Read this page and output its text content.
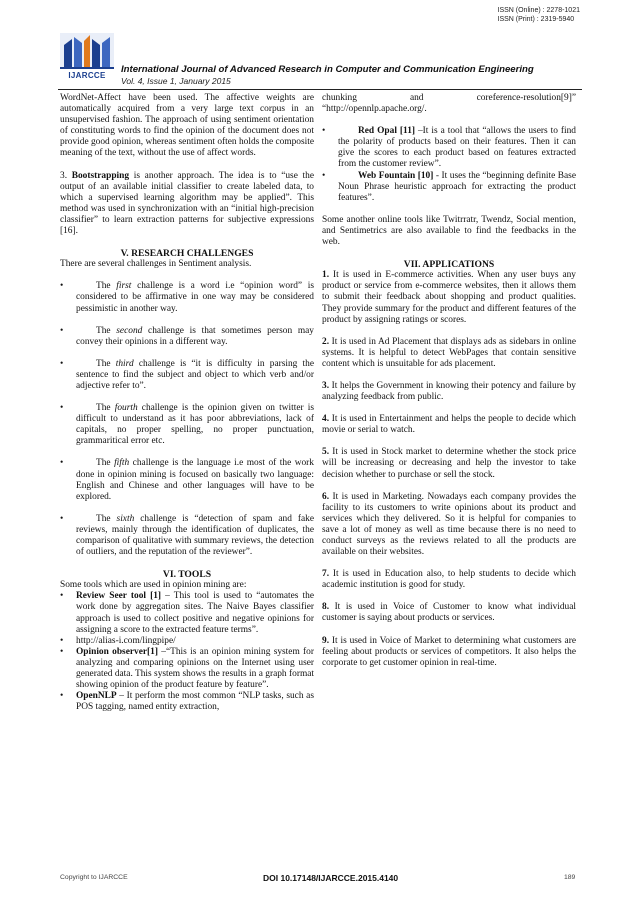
ISSN (Online) : 2278-1021
ISSN (Print) : 2319-5940
IJARCCE
International Journal of Advanced Research in Computer and Communication Engineering
Vol. 4, Issue 1, January 2015

WordNet-Affect have been used. The affective weights are automatically acquired from a very large text corpus in an unsupervised fashion. The approach of using sentiment orientation of constituting words to find the opinion of the document does not provide good opinion, whereas sentiment often holds the composite meaning of the text, without the use of affect words.

3. Bootstrapping is another approach. The idea is to “use the output of an available initial classifier to create labeled data, to which a supervised learning algorithm may be applied”. This method was used in synchronization with an “initial high-precision classifier” to learn extraction patterns for subjective expressions [16].

V. RESEARCH CHALLENGES

There are several challenges in Sentiment analysis.

•	The first challenge is a word i.e “opinion word” is considered to be affirmative in one way may be considered pessimistic in another way.
•	The second challenge is that sometimes person may convey their opinions in a different way.
•	The third challenge is “it is difficulty in parsing the sentence to find the subject and object to which verb and/or adjective refer to”.
•	The fourth challenge is the opinion given on twitter is difficult to understand as it has poor abbreviations, lack of capitals, no proper spelling, no proper punctuation, grammaritical error etc.
•	The fifth challenge is the language i.e most of the work done in opinion mining is focused on basically two language: English and Chinese and other languages will have to be explored.
•	The sixth challenge is “detection of spam and fake reviews, mainly through the identification of duplicates, the comparison of qualitative with summary reviews, the detection of outliers, and the reputation of the reviewer”.
VI. TOOLS

Some tools which are used in opinion mining are:

•	Review Seer tool [1] – This tool is used to “automates the work done by aggregation sites. The Naive Bayes classifier approach is used to collect positive and negative opinions for assigning a score to the extracted feature terms”.
•	http://alias-i.com/lingpipe/
•	Opinion observer[1] –“This is an opinion mining system for analyzing and comparing opinions on the Internet using user generated data. This system shows the results in a graph format showing opinion of the product feature by feature”.
•	OpenNLP – It perform the most common “NLP tasks, such as POS tagging, named entity extraction,

chunking and coreference-resolution[9]”

“http://opennlp.apache.org/.

•	Red Opal [11] –It is a tool that “allows the users to find the polarity of products based on their features. Then it can give the scores to each product based on features extracted from the customer review”.
•	Web Fountain [10] - It uses the “beginning definite Base Noun Phrase heuristic approach for extracting the product features”.

Some another online tools like Twitrratr, Twendz, Social mention, and Sentimetrics are also available to find the feedbacks in the web.

VII. APPLICATIONS

1. It is used in E-commerce activities. When any user buys any product or service from e-commerce websites, then it allows them to submit their feedback about shopping and product qualities. They provide summary for the product and different features of the product by assigning ratings or scores.

2. It is used in Ad Placement that displays ads as sidebars in online systems. It is helpful to detect WebPages that contain sensitive content which is unsuitable for ads placement.

3. It helps the Government in knowing their potency and failure by analyzing feedback from public.

4. It is used in Entertainment and helps the people to decide which movie or serial to watch.

5. It is used in Stock market to determine whether the stock price will be increasing or decreasing and help the investor to take decision whether to purchase or sell the stock.

6. It is used in Marketing. Nowadays each company provides the facility to its customers to write opinions about its product and services which they delivered. So it is helpful for companies to save a lot of money as well as time because there is no need to conduct surveys as the reviews related to all the products are available on their websites.

7. It is used in Education also, to help students to decide which academic institution is good for study.

8. It is used in Voice of Customer to know what individual customer is saying about products or services.

9. It is used in Voice of Market to determining what customers are feeling about products or services of competitors. It also helps the corporate to get customer opinion in real-time.

Copyright to IJARCCE	DOI 10.17148/IJARCCE.2015.4140	189
